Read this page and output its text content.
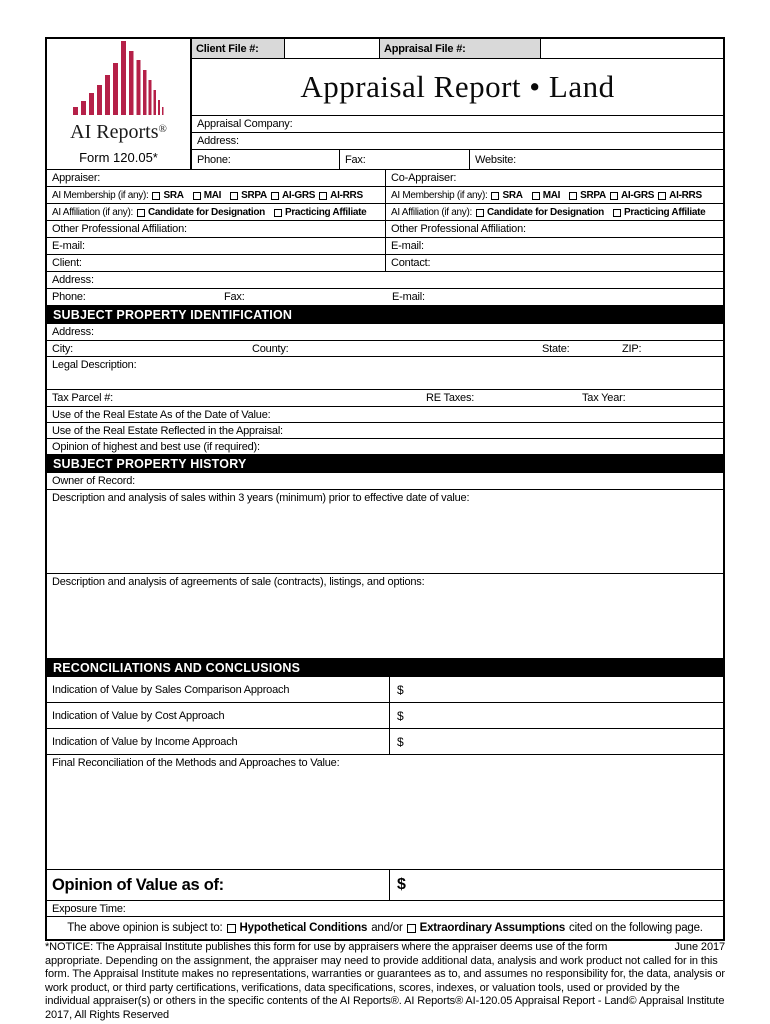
AI Reports®
Form 120.05*
Client File #:	Appraisal File #:
Appraisal Report • Land
Appraisal Company:
Address:
Phone:	Fax:	Website:
Appraiser:	Co-Appraiser:
AI Membership (if any): SRA MAI SRPA AI-GRS AI-RRS	AI Membership (if any): SRA MAI SRPA AI-GRS AI-RRS
AI Affiliation (if any): Candidate for Designation Practicing Affiliate AI Affiliation (if any): Candidate for Designation Practicing Affiliate
Other Professional Affiliation:	Other Professional Affiliation:
E-mail:	E-mail:
Client:	Contact:
Address:
Phone:	Fax:	E-mail:
SUBJECT PROPERTY IDENTIFICATION
Address:
City:	County:	State:	ZIP:
Legal Description:
Tax Parcel #:	RE Taxes:	Tax Year:
Use of the Real Estate As of the Date of Value:
Use of the Real Estate Reflected in the Appraisal:
Opinion of highest and best use (if required):
SUBJECT PROPERTY HISTORY
Owner of Record:
Description and analysis of sales within 3 years (minimum) prior to effective date of value:
Description and analysis of agreements of sale (contracts), listings, and options:
RECONCILIATIONS AND CONCLUSIONS
Indication of Value by Sales Comparison Approach	$
Indication of Value by Cost Approach	$
Indication of Value by Income Approach	$
Final Reconciliation of the Methods and Approaches to Value:
Opinion of Value as of:	$
Exposure Time:
The above opinion is subject to: Hypothetical Conditions and/or Extraordinary Assumptions cited on the following page.
June 2017
*NOTICE: The Appraisal Institute publishes this form for use by appraisers where the appraiser deems use of the form appropriate. Depending on the assignment, the appraiser may need to provide additional data, analysis and work product not called for in this form. The Appraisal Institute makes no representations, warranties or guarantees as to, and assumes no responsibility for, the data, analysis or work product, or third party certifications, verifications, data specifications, scores, indexes, or valuation tools, used or provided by the individual appraiser(s) or others in the specific contents of the AI Reports®. AI Reports® AI-120.05 Appraisal Report - Land© Appraisal Institute 2017, All Rights Reserved
